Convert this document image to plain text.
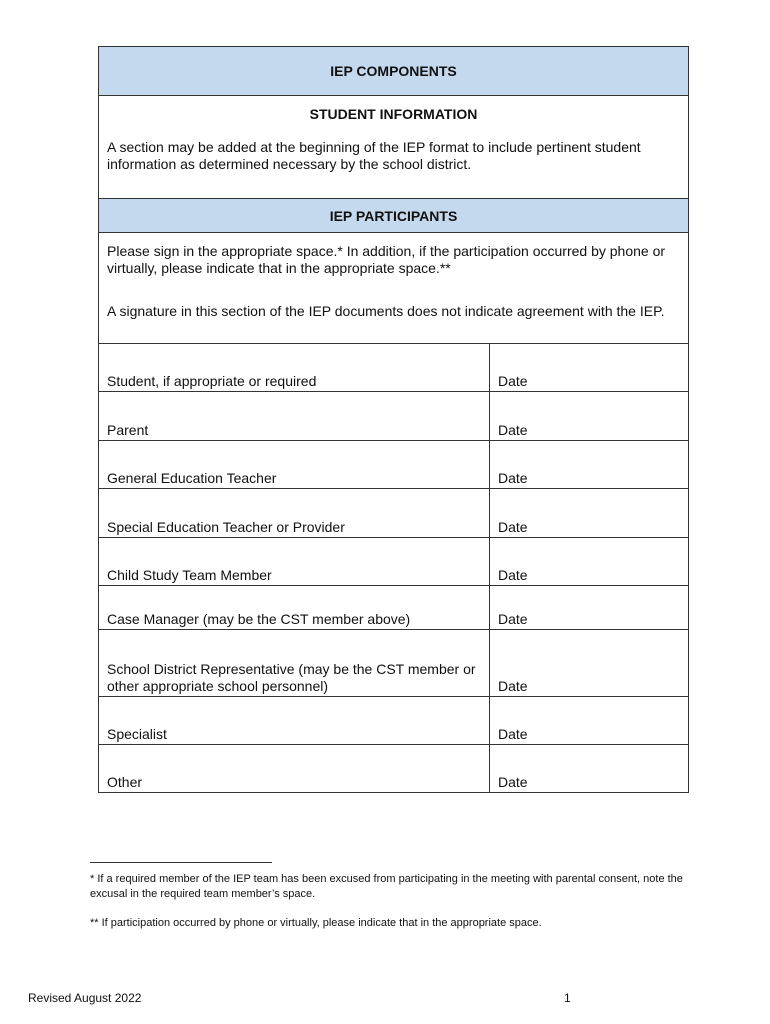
IEP COMPONENTS
STUDENT INFORMATION
A section may be added at the beginning of the IEP format to include pertinent student information as determined necessary by the school district.
IEP PARTICIPANTS
Please sign in the appropriate space.* In addition, if the participation occurred by phone or virtually, please indicate that in the appropriate space.**
A signature in this section of the IEP documents does not indicate agreement with the IEP.
Student, if appropriate or required	Date
Parent	Date
General Education Teacher	Date
Special Education Teacher or Provider	Date
Child Study Team Member	Date
Case Manager (may be the CST member above)	Date
School District Representative (may be the CST member or other appropriate school personnel)	Date
Specialist	Date
Other	Date
* If a required member of the IEP team has been excused from participating in the meeting with parental consent, note the excusal in the required team member’s space.
** If participation occurred by phone or virtually, please indicate that in the appropriate space.
Revised August 2022	1
